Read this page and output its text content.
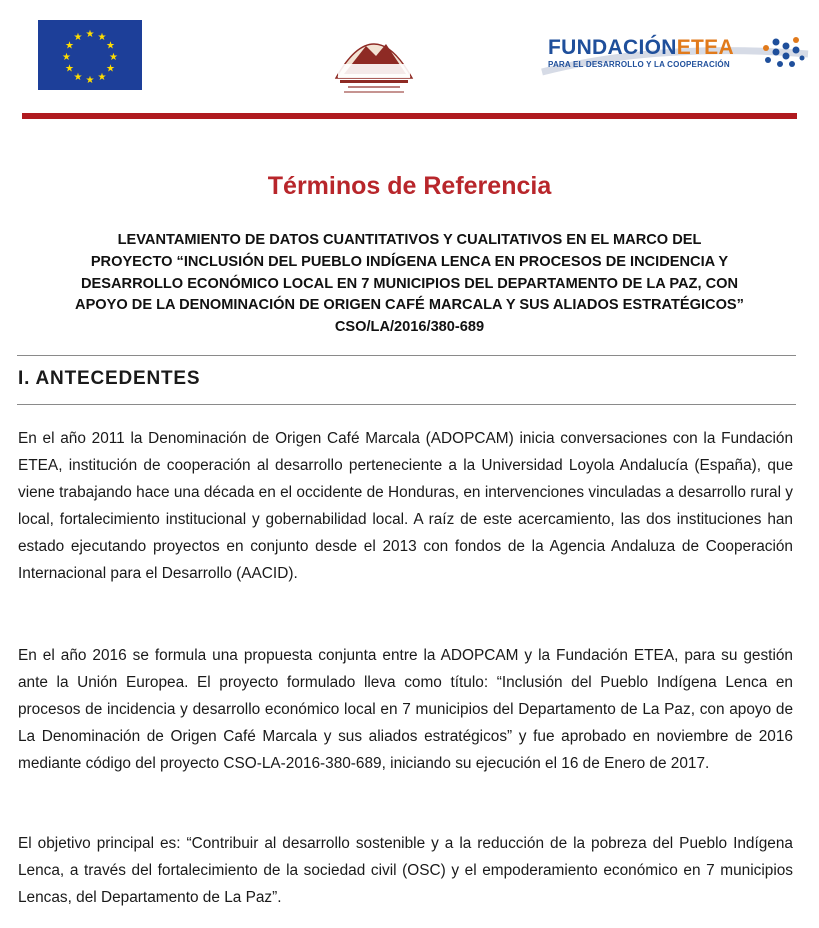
★ ★
★
★
★
★
★
★
★
★
★
★	FUNDACIÓNETEA
PARA EL DESARROLLO Y LA COOPERACIÓN
Términos de Referencia
LEVANTAMIENTO DE DATOS CUANTITATIVOS Y CUALITATIVOS EN EL MARCO DEL
PROYECTO “INCLUSIÓN DEL PUEBLO INDÍGENA LENCA EN PROCESOS DE INCIDENCIA Y
DESARROLLO ECONÓMICO LOCAL EN 7 MUNICIPIOS DEL DEPARTAMENTO DE LA PAZ, CON
APOYO DE LA DENOMINACIÓN DE ORIGEN CAFÉ MARCALA Y SUS ALIADOS ESTRATÉGICOS”
CSO/LA/2016/380-689
I. ANTECEDENTES
En el año 2011 la Denominación de Origen Café Marcala (ADOPCAM) inicia conversaciones con la Fundación ETEA, institución de cooperación al desarrollo perteneciente a la Universidad Loyola Andalucía (España), que viene trabajando hace una década en el occidente de Honduras, en intervenciones vinculadas a desarrollo rural y local, fortalecimiento institucional y gobernabilidad local. A raíz de este acercamiento, las dos instituciones han estado ejecutando proyectos en conjunto desde el 2013 con fondos de la Agencia Andaluza de Cooperación Internacional para el Desarrollo (AACID).
En el año 2016 se formula una propuesta conjunta entre la ADOPCAM y la Fundación ETEA, para su gestión ante la Unión Europea. El proyecto formulado lleva como título: “Inclusión del Pueblo Indígena Lenca en procesos de incidencia y desarrollo económico local en 7 municipios del Departamento de La Paz, con apoyo de La Denominación de Origen Café Marcala y sus aliados estratégicos” y fue aprobado en noviembre de 2016 mediante código del proyecto CSO-LA-2016-380-689, iniciando su ejecución el 16 de Enero de 2017.
El objetivo principal es: “Contribuir al desarrollo sostenible y a la reducción de la pobreza del Pueblo Indígena Lenca, a través del fortalecimiento de la sociedad civil (OSC) y el empoderamiento económico en 7 municipios Lencas, del Departamento de La Paz”.
